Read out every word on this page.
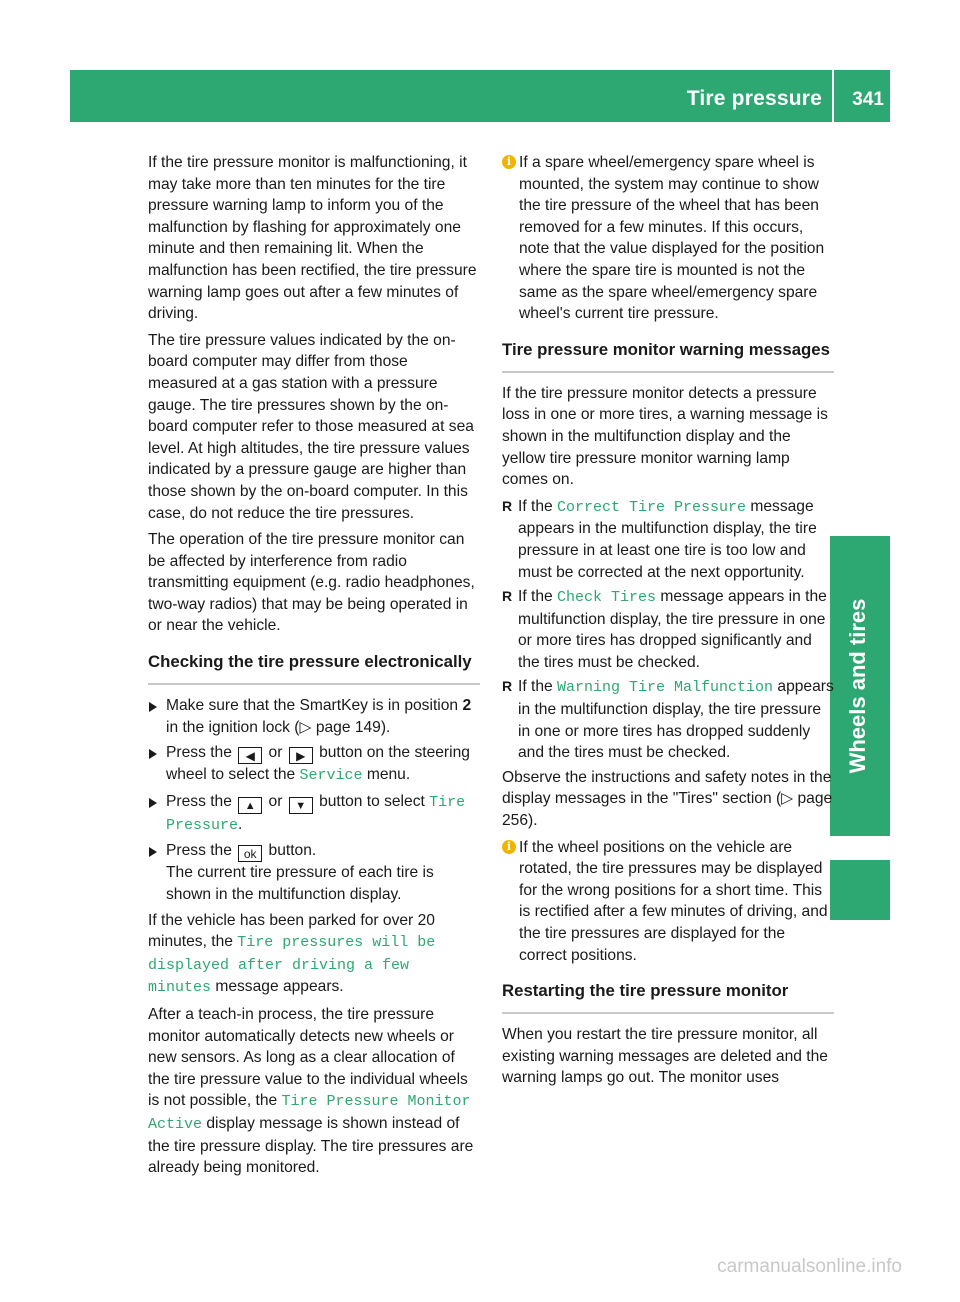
Tire pressure 341
Wheels and tires

If the tire pressure monitor is malfunctioning, it may take more than ten minutes for the tire pressure warning lamp to inform you of the malfunction by flashing for approximately one minute and then remaining lit. When the malfunction has been rectified, the tire pressure warning lamp goes out after a few minutes of driving.

The tire pressure values indicated by the on-board computer may differ from those measured at a gas station with a pressure gauge. The tire pressures shown by the on-board computer refer to those measured at sea level. At high altitudes, the tire pressure values indicated by a pressure gauge are higher than those shown by the on-board computer. In this case, do not reduce the tire pressures.

The operation of the tire pressure monitor can be affected by interference from radio transmitting equipment (e.g. radio headphones, two-way radios) that may be being operated in or near the vehicle.

Checking the tire pressure electronically
Make sure that the SmartKey is in position 2 in the ignition lock (▷ page 149).
Press the ◀ or ▶ button on the steering wheel to select the Service menu.
Press the ▲ or ▼ button to select Tire Pressure.
Press the ok button.
The current tire pressure of each tire is shown in the multifunction display.

If the vehicle has been parked for over 20 minutes, the Tire pressures will be displayed after driving a few minutes message appears.

After a teach-in process, the tire pressure monitor automatically detects new wheels or new sensors. As long as a clear allocation of the tire pressure value to the individual wheels is not possible, the Tire Pressure Monitor Active display message is shown instead of the tire pressure display. The tire pressures are already being monitored.

i If a spare wheel/emergency spare wheel is mounted, the system may continue to show the tire pressure of the wheel that has been removed for a few minutes. If this occurs, note that the value displayed for the position where the spare tire is mounted is not the same as the spare wheel/emergency spare wheel's current tire pressure.
Tire pressure monitor warning messages

If the tire pressure monitor detects a pressure loss in one or more tires, a warning message is shown in the multifunction display and the yellow tire pressure monitor warning lamp comes on.

R If the Correct Tire Pressure message appears in the multifunction display, the tire pressure in at least one tire is too low and must be corrected at the next opportunity.
R If the Check Tires message appears in the multifunction display, the tire pressure in one or more tires has dropped significantly and the tires must be checked.
R If the Warning Tire Malfunction appears in the multifunction display, the tire pressure in one or more tires has dropped suddenly and the tires must be checked.

Observe the instructions and safety notes in the display messages in the "Tires" section (▷ page 256).

i If the wheel positions on the vehicle are rotated, the tire pressures may be displayed for the wrong positions for a short time. This is rectified after a few minutes of driving, and the tire pressures are displayed for the correct positions.
Restarting the tire pressure monitor

When you restart the tire pressure monitor, all existing warning messages are deleted and the warning lamps go out. The monitor uses

carmanualsonline.info
